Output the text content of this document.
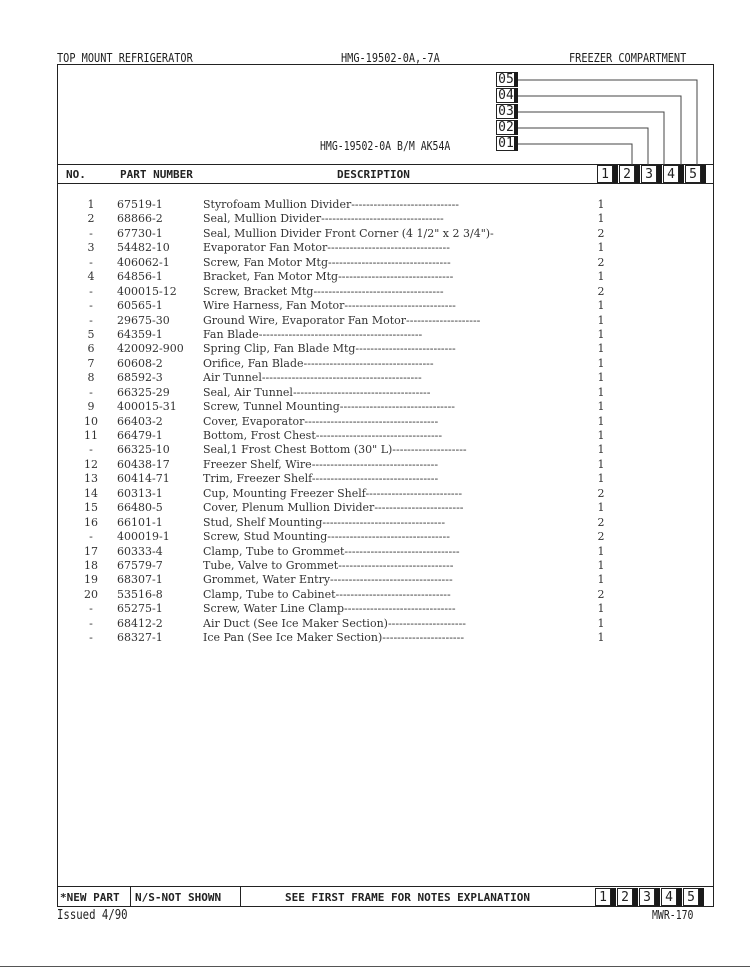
TOP MOUNT REFRIGERATOR	HMG-19502-0A,-7A	FREEZER COMPARTMENT
HMG-19502-0A B/M AK54A
05
04
03
02
01
NO.	PART NUMBER	DESCRIPTION	1	2	3	4	5
1	67519-1	Styrofoam Mullion Divider-----------------------------	1
2	68866-2	Seal, Mullion Divider---------------------------------	1
-	67730-1	Seal, Mullion Divider Front Corner (4 1/2" x 2 3/4")-	2
3	54482-10	Evaporator Fan Motor---------------------------------	1
-	406062-1	Screw, Fan Motor Mtg---------------------------------	2
4	64856-1	Bracket, Fan Motor Mtg-------------------------------	1
-	400015-12 Screw, Bracket Mtg-----------------------------------	2
-	60565-1	Wire Harness, Fan Motor------------------------------	1
-	29675-30	Ground Wire, Evaporator Fan Motor--------------------	1
5	64359-1	Fan Blade--------------------------------------------	1
6	420092-900 Spring Clip, Fan Blade Mtg---------------------------	1
7	60608-2	Orifice, Fan Blade-----------------------------------	1
8	68592-3	Air Tunnel-------------------------------------------	1
-	66325-29	Seal, Air Tunnel-------------------------------------	1
9	400015-31 Screw, Tunnel Mounting-------------------------------	1
10	66403-2	Cover, Evaporator------------------------------------	1
11	66479-1	Bottom, Frost Chest----------------------------------	1
-	66325-10	Seal,1 Frost Chest Bottom (30" L)--------------------	1
12	60438-17	Freezer Shelf, Wire----------------------------------	1
13	60414-71	Trim, Freezer Shelf----------------------------------	1
14	60313-1	Cup, Mounting Freezer Shelf--------------------------	2
15	66480-5	Cover, Plenum Mullion Divider------------------------	1
16	66101-1	Stud, Shelf Mounting---------------------------------	2
-	400019-1	Screw, Stud Mounting---------------------------------	2
17	60333-4	Clamp, Tube to Grommet-------------------------------	1
18	67579-7	Tube, Valve to Grommet-------------------------------	1
19	68307-1	Grommet, Water Entry---------------------------------	1
20	53516-8	Clamp, Tube to Cabinet-------------------------------	2
-	65275-1	Screw, Water Line Clamp------------------------------	1
-	68412-2	Air Duct (See Ice Maker Section)---------------------	1
-	68327-1	Ice Pan (See Ice Maker Section)----------------------	1
*NEW PART N/S-NOT SHOWN	SEE FIRST FRAME FOR NOTES EXPLANATION	1	2	3	4	5
Issued 4/90	MWR-170
